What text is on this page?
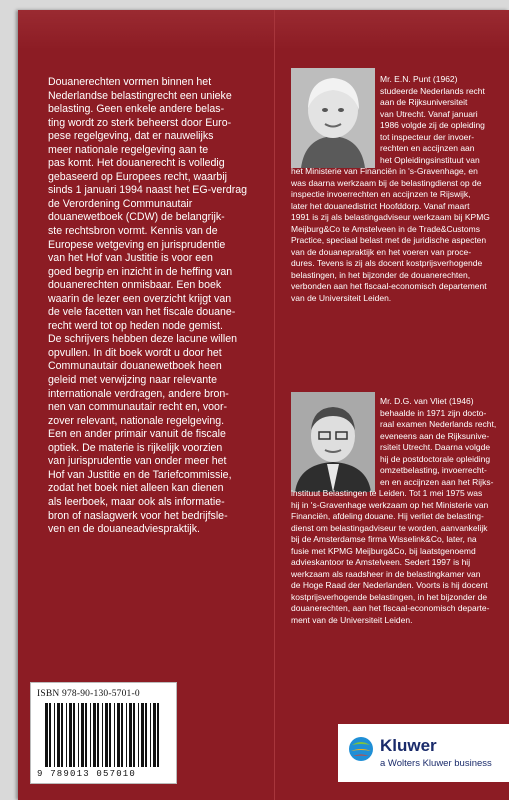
Douanerechten vormen binnen het
Nederlandse belastingrecht een unieke
belasting. Geen enkele andere belas-
ting wordt zo sterk beheerst door Euro-
pese regelgeving, dat er nauwelijks
meer nationale regelgeving aan te
pas komt. Het douanerecht is volledig
gebaseerd op Europees recht, waarbij
sinds 1 januari 1994 naast het EG-verdrag
de Verordening Communautair
douanewetboek (CDW) de belangrijk-
ste rechtsbron vormt. Kennis van de
Europese wetgeving en jurisprudentie
van het Hof van Justitie is voor een
goed begrip en inzicht in de heffing van
douanerechten onmisbaar. Een boek
waarin de lezer een overzicht krijgt van
de vele facetten van het fiscale douane-
recht werd tot op heden node gemist.
De schrijvers hebben deze lacune willen
opvullen. In dit boek wordt u door het
Communautair douanewetboek heen
geleid met verwijzing naar relevante
internationale verdragen, andere bron-
nen van communautair recht en, voor-
zover relevant, nationale regelgeving.
Een en ander primair vanuit de fiscale
optiek. De materie is rijkelijk voorzien
van jurisprudentie van onder meer het
Hof van Justitie en de Tariefcommissie,
zodat het boek niet alleen kan dienen
als leerboek, maar ook als informatie-
bron of naslagwerk voor het bedrijfsle-
ven en de douaneadviespraktijk.
Mr. E.N. Punt (1962)
studeerde Nederlands recht
aan de Rijksuniversiteit
van Utrecht. Vanaf januari
1986 volgde zij de opleiding
tot inspecteur der invoer-
rechten en accijnzen aan
het Opleidingsinstituut van
het Ministerie van Financiën in 's-Gravenhage, en
was daarna werkzaam bij de belastingdienst op de
inspectie invoerrechten en accijnzen te Rijswijk,
later het douanedistrict Hoofddorp. Vanaf maart
1991 is zij als belastingadviseur werkzaam bij KPMG
Meijburg&Co te Amstelveen in de Trade&Customs
Practice, speciaal belast met de juridische aspecten
van de douanepraktijk en het voeren van proce-
dures. Tevens is zij als docent kostprijsverhogende
belastingen, in het bijzonder de douanerechten,
verbonden aan het fiscaal-economisch departement
van de Universiteit Leiden.
Mr. D.G. van Vliet (1946)
behaalde in 1971 zijn docto-
raal examen Nederlands recht,
eveneens aan de Rijksunive-
rsiteit Utrecht. Daarna volgde
hij de postdoctorale opleiding
omzetbelasting, invoerrecht-
en en accijnzen aan het Rijks-
instituut Belastingen te Leiden. Tot 1 mei 1975 was
hij in 's-Gravenhage werkzaam op het Ministerie van
Financiën, afdeling douane. Hij verliet de belasting-
dienst om belastingadviseur te worden, aanvankelijk
bij de Amsterdamse firma Wisselink&Co, later, na
fusie met KPMG Meijburg&Co, bij laatstgenoemd
advieskantoor te Amstelveen. Sedert 1997 is hij
werkzaam als raadsheer in de belastingkamer van
de Hoge Raad der Nederlanden. Voorts is hij docent
kostprijsverhogende belastingen, in het bijzonder de
douanerechten, aan het fiscaal-economisch departe-
ment van de Universiteit Leiden.
ISBN 978-90-130-5701-0
9 789013 057010
Kluwer
a Wolters Kluwer business
